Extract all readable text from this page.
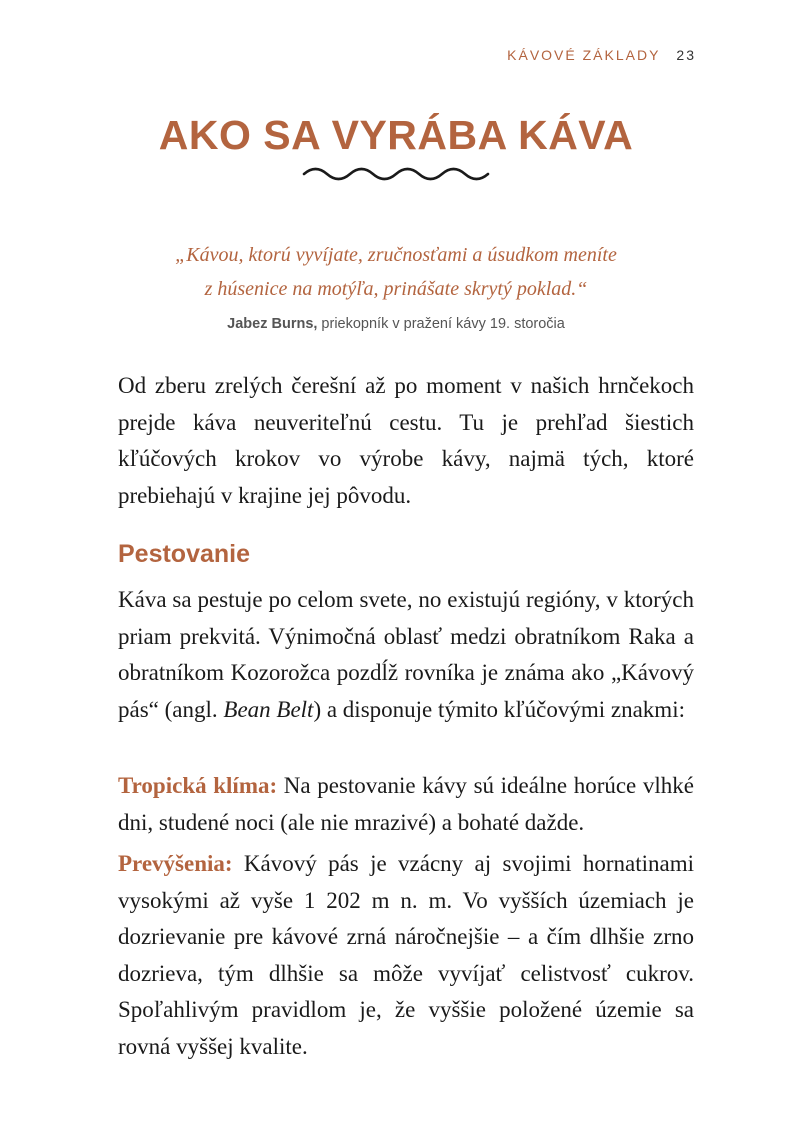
KÁVOVÉ ZÁKLADY 23
AKO SA VYRÁBA KÁVA

„Kávou, ktorú vyvíjate, zručnosťami a úsudkom meníte
z húsenice na motýľa, prinášate skrytý poklad.“

Jabez Burns, priekopník v pražení kávy 19. storočia

Od zberu zrelých čerešní až po moment v našich hrnčekoch prejde káva neuveriteľnú cestu. Tu je prehľad šiestich kľúčových krokov vo výrobe kávy, najmä tých, ktoré prebiehajú v krajine jej pôvodu.

Pestovanie

Káva sa pestuje po celom svete, no existujú regióny, v ktorých priam prekvitá. Výnimočná oblasť medzi obratníkom Raka a obratníkom Kozorožca pozdĺž rovníka je známa ako „Kávový pás“ (angl. Bean Belt) a disponuje týmito kľúčovými znakmi:

Tropická klíma: Na pestovanie kávy sú ideálne horúce vlhké dni, studené noci (ale nie mrazivé) a bohaté dažde.

Prevýšenia: Kávový pás je vzácny aj svojimi hornatinami vysokými až vyše 1 202 m n. m. Vo vyšších územiach je dozrievanie pre kávové zrná náročnejšie – a čím dlhšie zrno dozrieva, tým dlhšie sa môže vyvíjať celistvosť cukrov. Spoľahlivým pravidlom je, že vyššie položené územie sa rovná vyššej kvalite.
